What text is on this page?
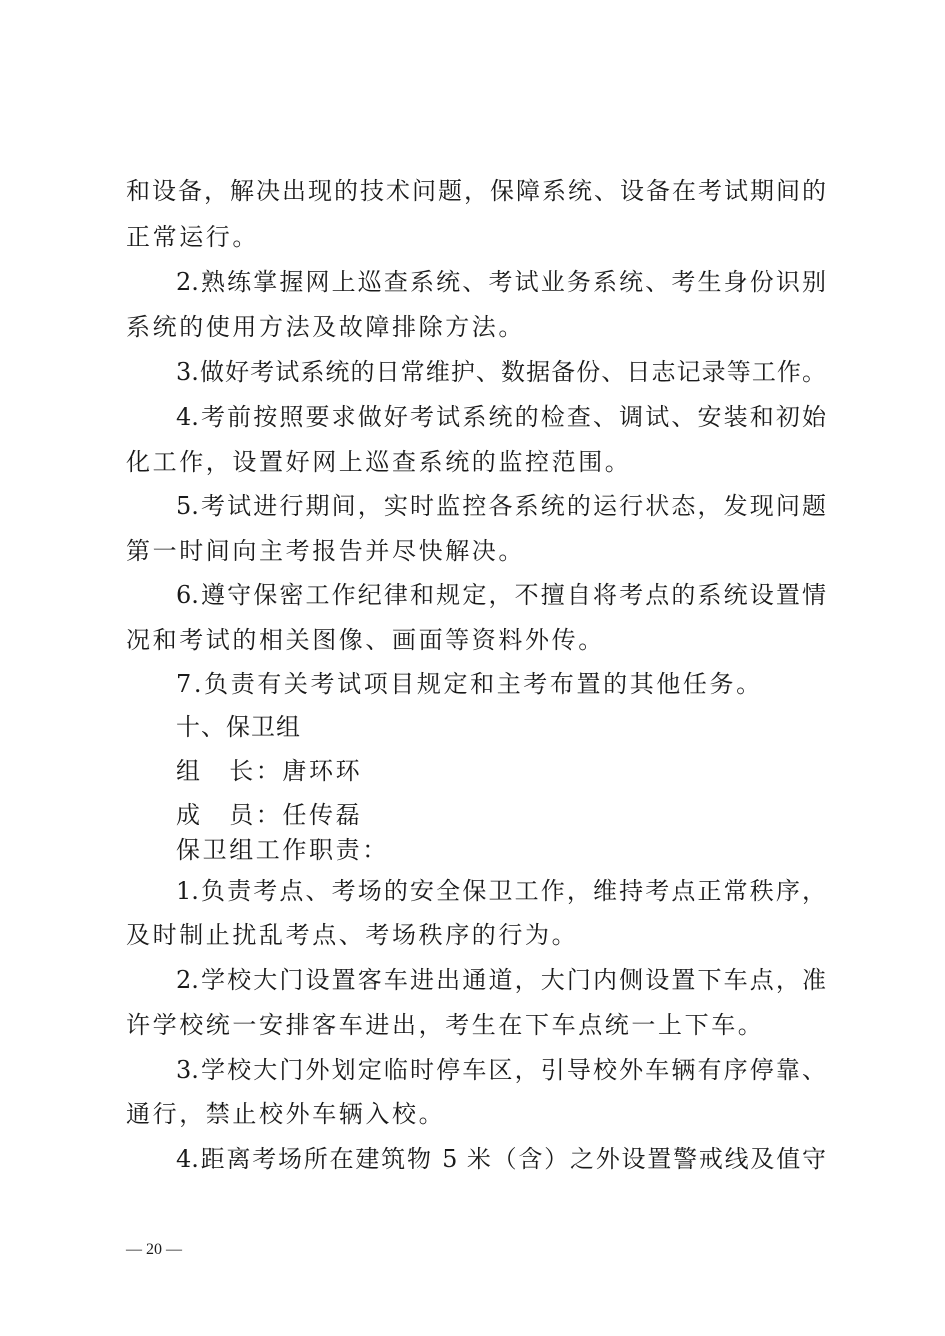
和设备，解决出现的技术问题，保障系统、设备在考试期间的
正常运行。
2.熟练掌握网上巡查系统、考试业务系统、考生身份识别
系统的使用方法及故障排除方法。
3.做好考试系统的日常维护、数据备份、日志记录等工作。
4.考前按照要求做好考试系统的检查、调试、安装和初始
化工作，设置好网上巡查系统的监控范围。
5.考试进行期间，实时监控各系统的运行状态，发现问题
第一时间向主考报告并尽快解决。
6.遵守保密工作纪律和规定，不擅自将考点的系统设置情
况和考试的相关图像、画面等资料外传。
7.负责有关考试项目规定和主考布置的其他任务。
十、保卫组
组　长：唐环环
成　员：任传磊
保卫组工作职责：
1.负责考点、考场的安全保卫工作，维持考点正常秩序，
及时制止扰乱考点、考场秩序的行为。
2.学校大门设置客车进出通道，大门内侧设置下车点，准
许学校统一安排客车进出，考生在下车点统一上下车。
3.学校大门外划定临时停车区，引导校外车辆有序停靠、
通行，禁止校外车辆入校。
4.距离考场所在建筑物 5 米（含）之外设置警戒线及值守
— 20 —
